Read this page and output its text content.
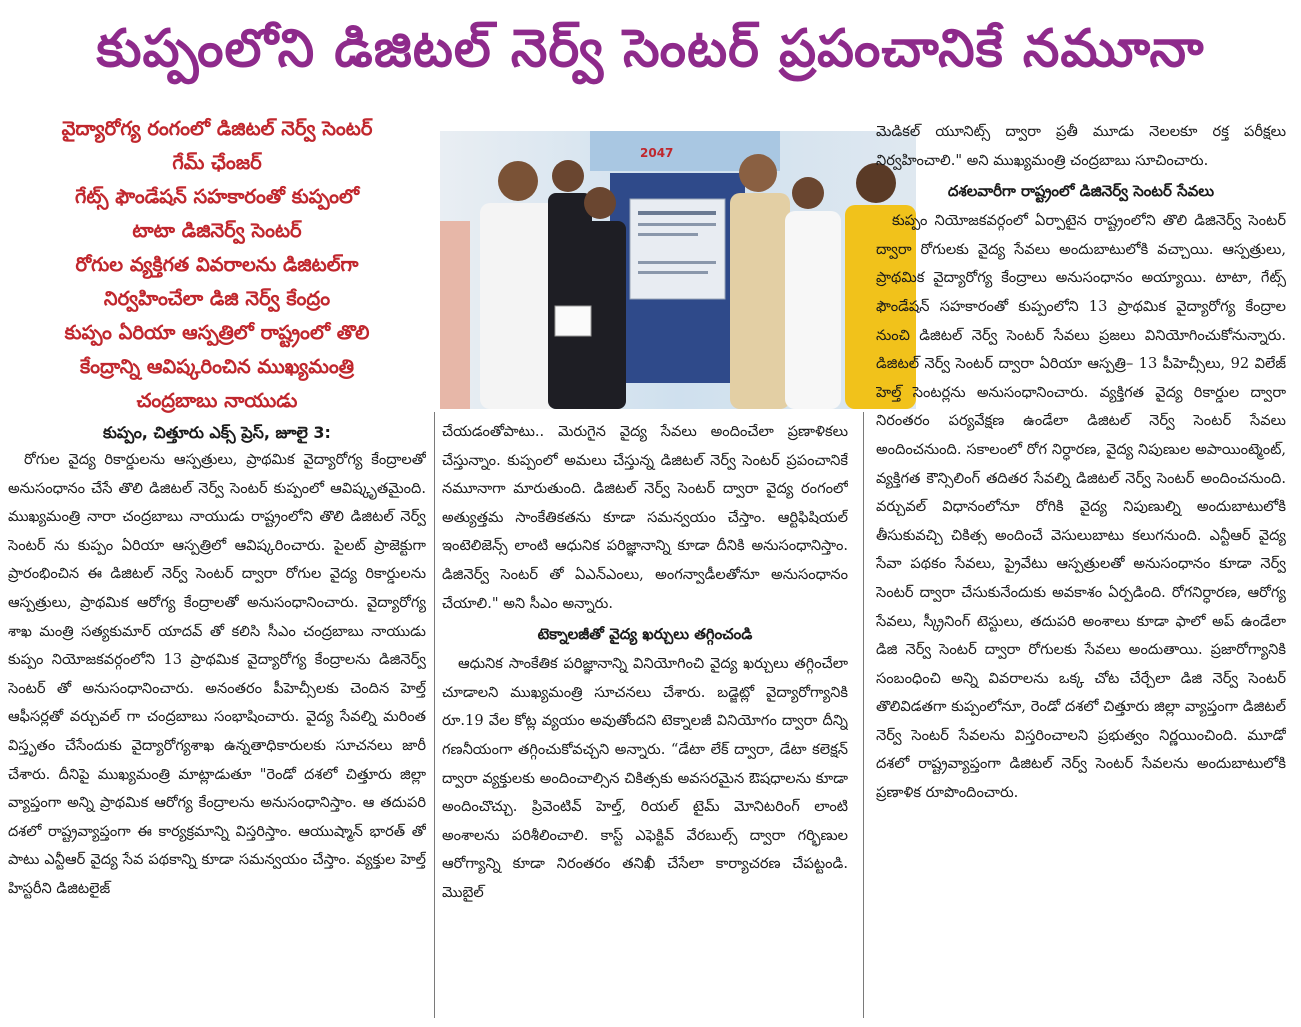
కుప్పంలోని డిజిటల్ నెర్వ్ సెంటర్ ప్రపంచానికే నమూనా
వైద్యారోగ్య రంగంలో డిజిటల్ నెర్వ్ సెంటర్
గేమ్ ఛేంజర్
గేట్స్ ఫౌండేషన్ సహకారంతో కుప్పంలో
టాటా డిజినెర్వ్ సెంటర్
రోగుల వ్యక్తిగత వివరాలను డిజిటల్‌గా
నిర్వహించేలా డిజి నెర్వ్ కేంద్రం
కుప్పం ఏరియా ఆస్పత్రిలో రాష్ట్రంలో తొలి
కేంద్రాన్ని ఆవిష్కరించిన ముఖ్యమంత్రి
చంద్రబాబు నాయుడు
కుప్పం, చిత్తూరు ఎక్స్ ప్రెస్, జూలై 3:

రోగుల వైద్య రికార్డులను ఆస్పత్రులు, ప్రాథమిక వైద్యారోగ్య కేంద్రాలతో అనుసంధానం చేసే తొలి డిజిటల్ నెర్వ్ సెంటర్ కుప్పంలో ఆవిష్కృతమైంది. ముఖ్యమంత్రి నారా చంద్రబాబు నాయుడు రాష్ట్రంలోని తొలి డిజిటల్ నెర్వ్ సెంటర్ ను కుప్పం ఏరియా ఆస్పత్రిలో ఆవిష్కరించారు. పైలట్ ప్రాజెక్టుగా ప్రారంభించిన ఈ డిజిటల్ నెర్వ్ సెంటర్ ద్వారా రోగుల వైద్య రికార్డులను ఆస్పత్రులు, ప్రాథమిక ఆరోగ్య కేంద్రాలతో అనుసంధానించారు. వైద్యారోగ్య శాఖ మంత్రి సత్యకుమార్ యాదవ్ తో కలిసి సీఎం చంద్రబాబు నాయుడు కుప్పం నియోజకవర్గంలోని 13 ప్రాథమిక వైద్యారోగ్య కేంద్రాలను డిజినెర్వ్ సెంటర్ తో అనుసంధానించారు. అనంతరం పీహెచ్సీలకు చెందిన హెల్త్ ఆఫీసర్లతో వర్చువల్ గా చంద్రబాబు సంభాషించారు. వైద్య సేవల్ని మరింత విస్తృతం చేసేందుకు వైద్యారోగ్యశాఖ ఉన్నతాధికారులకు సూచనలు జారీ చేశారు. దీనిపై ముఖ్యమంత్రి మాట్లాడుతూ "రెండో దశలో చిత్తూరు జిల్లా వ్యాప్తంగా అన్ని ప్రాథమిక ఆరోగ్య కేంద్రాలను అనుసంధానిస్తాం. ఆ తదుపరి దశలో రాష్ట్రవ్యాప్తంగా ఈ కార్యక్రమాన్ని విస్తరిస్తాం. ఆయుష్మాన్ భారత్ తో పాటు ఎన్టీఆర్ వైద్య సేవ పథకాన్ని కూడా సమన్వయం చేస్తాం. వ్యక్తుల హెల్త్ హిస్టరీని డిజిటలైజ్

2047

చేయడంతోపాటు.. మెరుగైన వైద్య సేవలు అందించేలా ప్రణాళికలు చేస్తున్నాం. కుప్పంలో అమలు చేస్తున్న డిజిటల్ నెర్వ్ సెంటర్ ప్రపంచానికే నమూనాగా మారుతుంది. డిజిటల్ నెర్వ్ సెంటర్ ద్వారా వైద్య రంగంలో అత్యుత్తమ సాంకేతికతను కూడా సమన్వయం చేస్తాం. ఆర్టిఫిషియల్ ఇంటెలిజెన్స్ లాంటి ఆధునిక పరిజ్ఞానాన్ని కూడా దీనికి అనుసంధానిస్తాం. డిజినెర్వ్ సెంటర్ తో ఏఎన్ఎంలు, అంగన్వాడీలతోనూ అనుసంధానం చేయాలి." అని సీఎం అన్నారు.

టెక్నాలజీతో వైద్య ఖర్చులు తగ్గించండి

ఆధునిక సాంకేతిక పరిజ్ఞానాన్ని వినియోగించి వైద్య ఖర్చులు తగ్గించేలా చూడాలని ముఖ్యమంత్రి సూచనలు చేశారు. బడ్జెట్లో వైద్యారోగ్యానికి రూ.19 వేల కోట్ల వ్యయం అవుతోందని టెక్నాలజీ వినియోగం ద్వారా దీన్ని గణనీయంగా తగ్గించుకోవచ్చని అన్నారు. “డేటా లేక్ ద్వారా, డేటా కలెక్షన్ ద్వారా వ్యక్తులకు అందించాల్సిన చికిత్సకు అవసరమైన ఔషధాలను కూడా అందించొచ్చు. ప్రివెంటివ్ హెల్త్, రియల్ టైమ్ మోనిటరింగ్ లాంటి అంశాలను పరిశీలించాలి. కాస్ట్ ఎఫెక్టివ్ వేరబుల్స్ ద్వారా గర్భిణుల ఆరోగ్యాన్ని కూడా నిరంతరం తనిఖీ చేసేలా కార్యాచరణ చేపట్టండి. మొబైల్

మెడికల్ యూనిట్స్ ద్వారా ప్రతీ మూడు నెలలకూ రక్త పరీక్షలు నిర్వహించాలి." అని ముఖ్యమంత్రి చంద్రబాబు సూచించారు.

దశలవారీగా రాష్ట్రంలో డిజినెర్వ్ సెంటర్ సేవలు

కుప్పం నియోజకవర్గంలో ఏర్పాటైన రాష్ట్రంలోని తొలి డిజినెర్వ్ సెంటర్ ద్వారా రోగులకు వైద్య సేవలు అందుబాటులోకి వచ్చాయి. ఆస్పత్రులు, ప్రాథమిక వైద్యారోగ్య కేంద్రాలు అనుసంధానం అయ్యాయి. టాటా, గేట్స్ ఫౌండేషన్ సహకారంతో కుప్పంలోని 13 ప్రాథమిక వైద్యారోగ్య కేంద్రాల నుంచి డిజిటల్ నెర్వ్ సెంటర్ సేవలు ప్రజలు వినియోగించుకోనున్నారు. డిజిటల్ నెర్వ్ సెంటర్ ద్వారా ఏరియా ఆస్పత్రి– 13 పీహెచ్సీలు, 92 విలేజ్ హెల్త్ సెంటర్లను అనుసంధానించారు. వ్యక్తిగత వైద్య రికార్డుల ద్వారా నిరంతరం పర్యవేక్షణ ఉండేలా డిజిటల్ నెర్వ్ సెంటర్ సేవలు అందించనుంది. సకాలంలో రోగ నిర్ధారణ, వైద్య నిపుణుల అపాయింట్మెంట్, వ్యక్తిగత కౌన్సిలింగ్ తదితర సేవల్ని డిజిటల్ నెర్వ్ సెంటర్ అందించనుంది. వర్చువల్ విధానంలోనూ రోగికి వైద్య నిపుణుల్ని అందుబాటులోకి తీసుకువచ్చి చికిత్స అందించే వెసులుబాటు కలుగనుంది. ఎన్టీఆర్ వైద్య సేవా పథకం సేవలు, ప్రైవేటు ఆస్పత్రులతో అనుసంధానం కూడా నెర్వ్ సెంటర్ ద్వారా చేసుకునేందుకు అవకాశం ఏర్పడింది. రోగనిర్ధారణ, ఆరోగ్య సేవలు, స్క్రీనింగ్ టెస్టులు, తదుపరి అంశాలు కూడా ఫాలో అప్ ఉండేలా డిజి నెర్వ్ సెంటర్ ద్వారా రోగులకు సేవలు అందుతాయి. ప్రజారోగ్యానికి సంబంధించి అన్ని వివరాలను ఒక్క చోట చేర్చేలా డిజి నెర్వ్ సెంటర్ తొలివిడతగా కుప్పంలోనూ, రెండో దశలో చిత్తూరు జిల్లా వ్యాప్తంగా డిజిటల్ నెర్వ్ సెంటర్ సేవలను విస్తరించాలని ప్రభుత్వం నిర్ణయించింది. మూడో దశలో రాష్ట్రవ్యాప్తంగా డిజిటల్ నెర్వ్ సెంటర్ సేవలను అందుబాటులోకి ప్రణాళిక రూపొందించారు.
